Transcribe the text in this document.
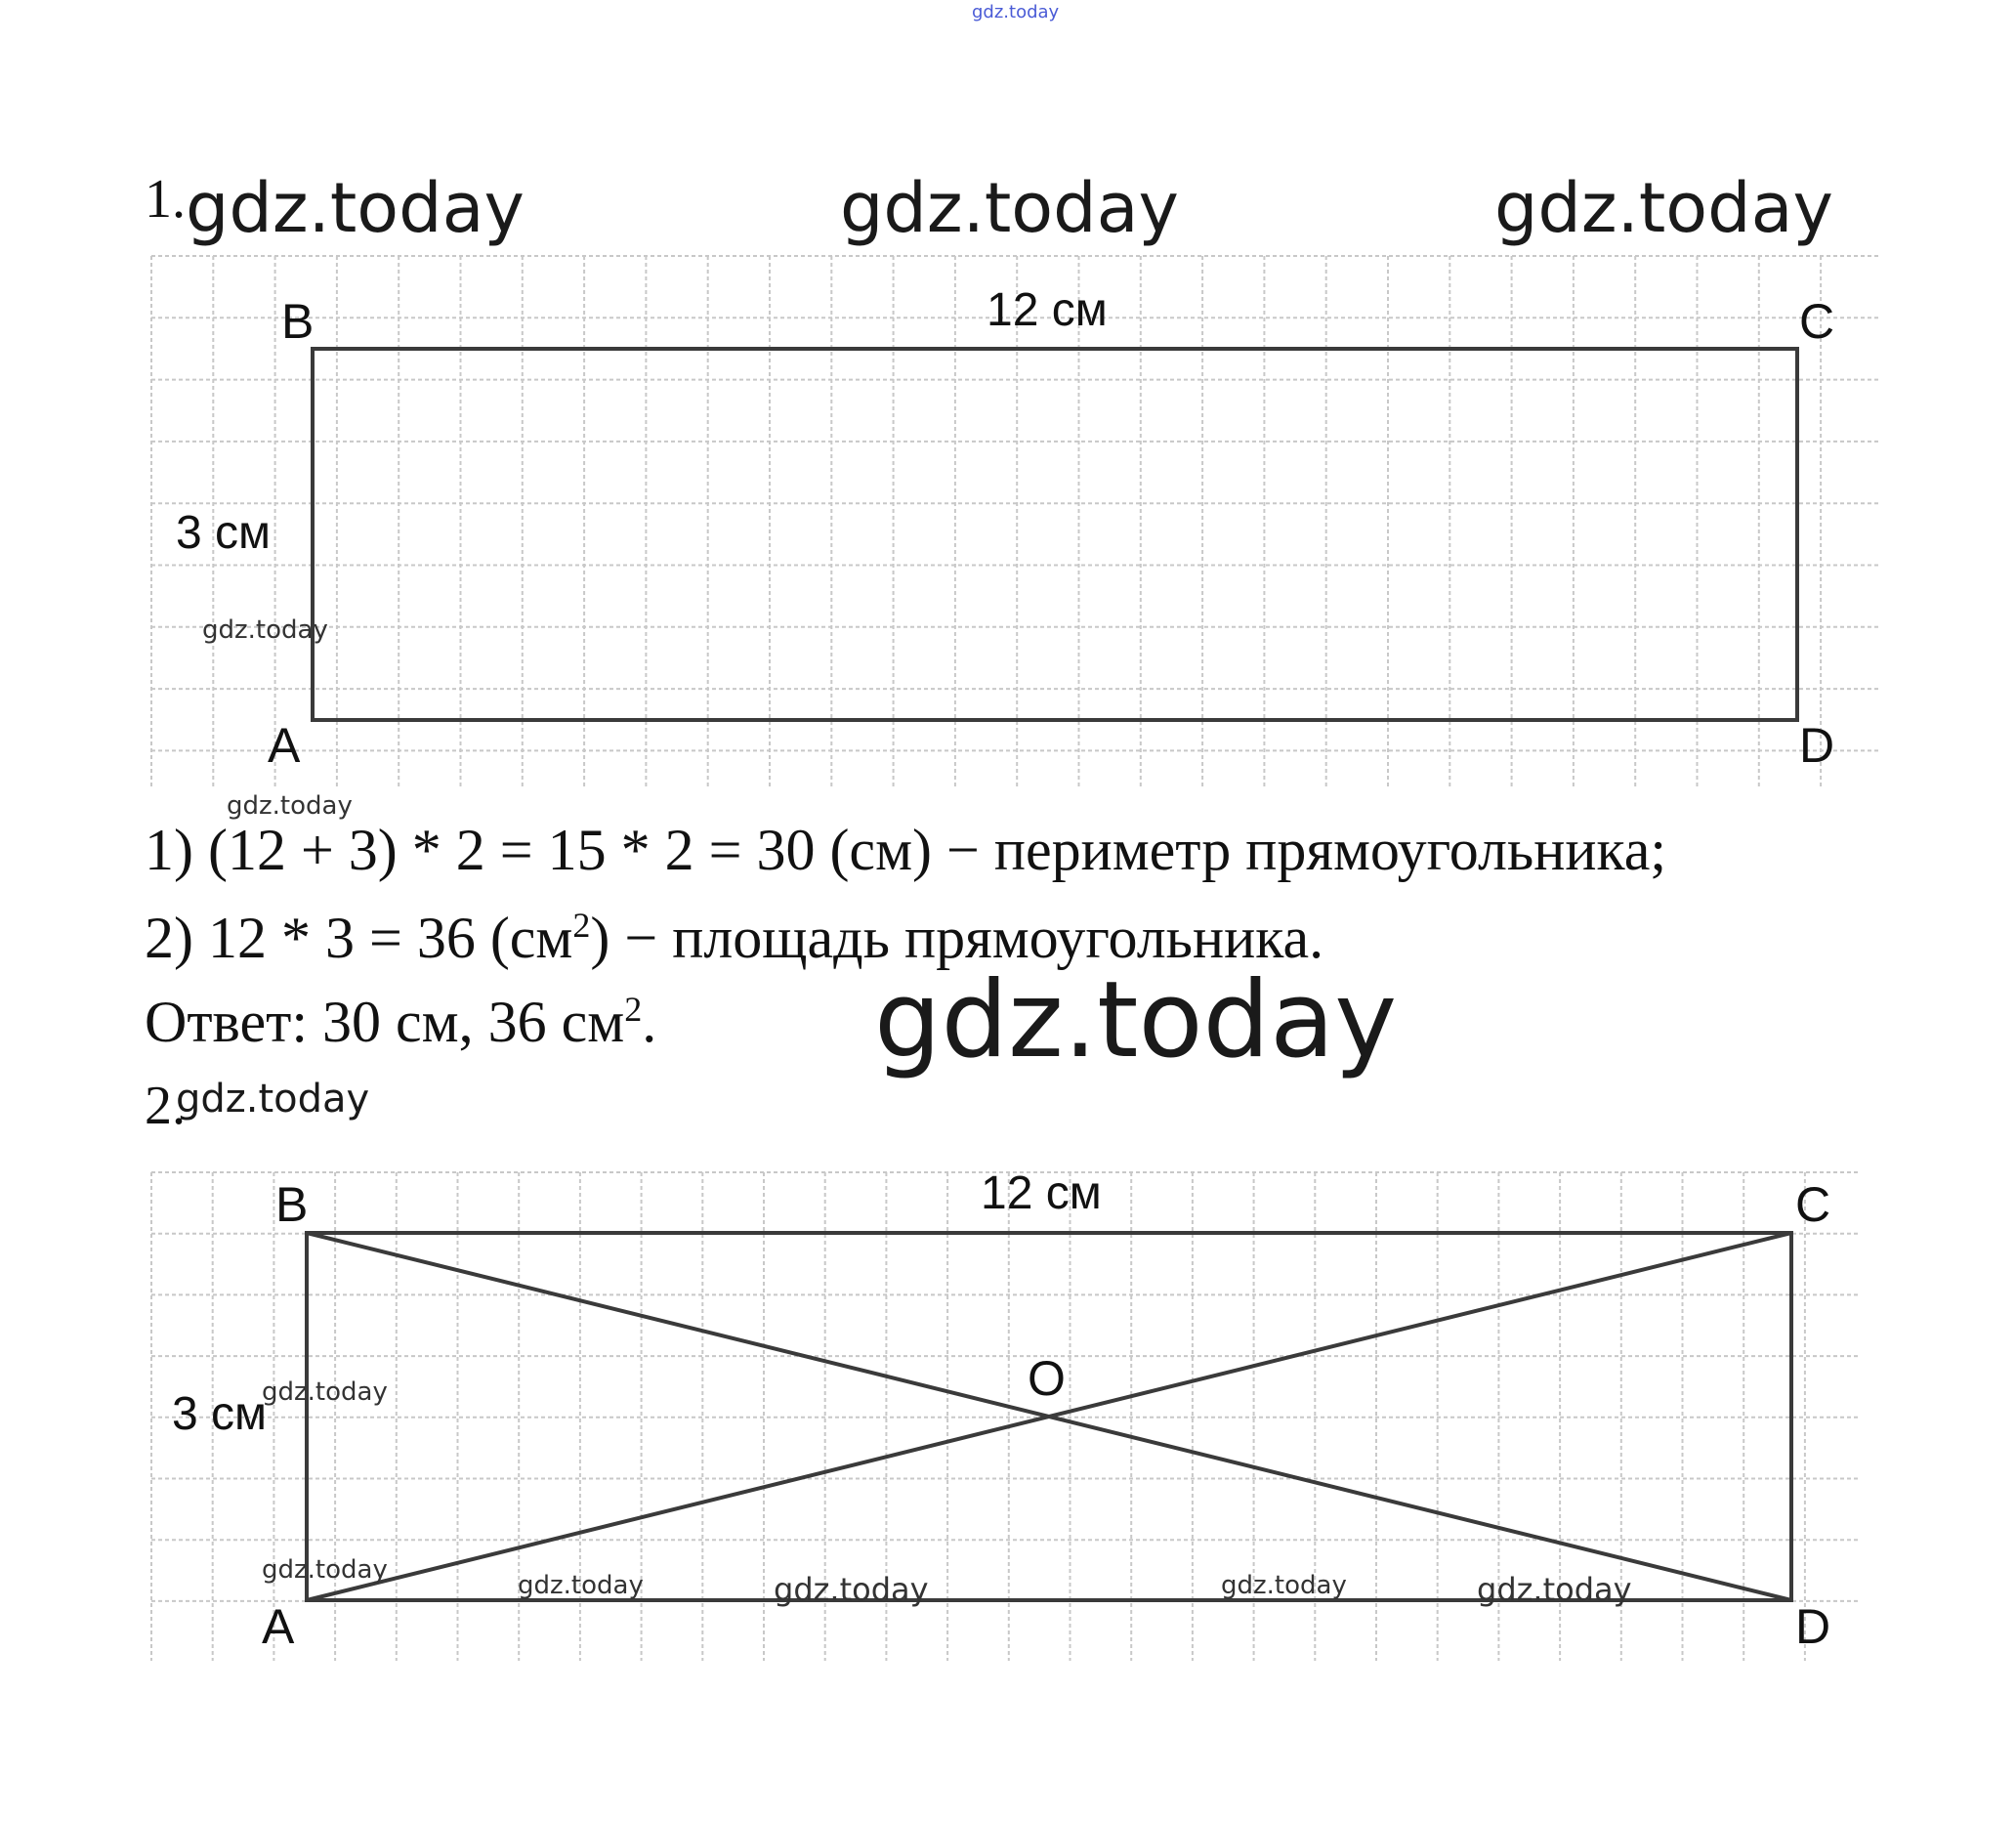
gdz.today
1. gdz.today	gdz.today	gdz.today
B	C
A	D
12 см
3 см
gdz.today
gdz.today
1) (12 + 3) * 2 = 15 * 2 = 30 (см) − периметр прямоугольника;
2) 12 * 3 = 36 $(см^2)$ − площадь прямоугольника.
Ответ: 30 см, 36 $см^2$. gdz.today
2.
gdz.today
B	C
A	D
O
12 см
3 см
gdz.today
gdz.today
gdz.today	gdz.today	gdz.today	gdz.today
